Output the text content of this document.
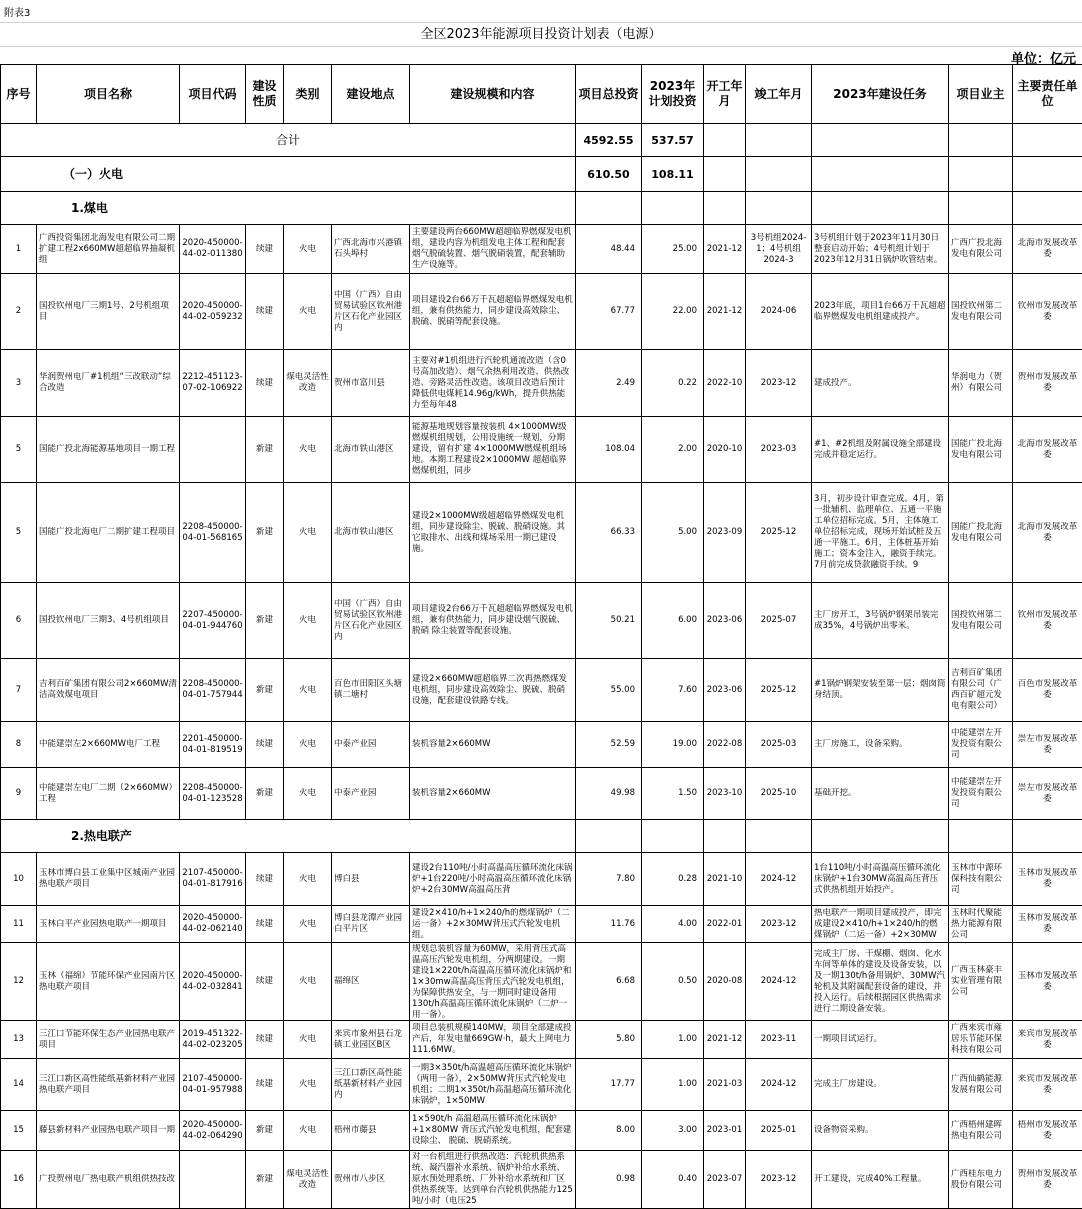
附表3
全区2023年能源项目投资计划表（电源）
单位：亿元
序号	项目名称	项目代码	建设性质	类别	建设地点	建设规模和内容	项目总投资	2023年计划投资	开工年月	竣工年月	2023年建设任务	项目业主	主要责任单位
合计							4592.55	537.57					
（一）火电							610.50	108.11					
1.煤电													

1	广西投资集团北海发电有限公司二期扩建工程2x660MW超超临界抽凝机组	2020-450000-44-02-011380	续建	火电	广西北海市兴港镇石头埠村	主要建设两台660MW超超临界燃煤发电机组，建设内容为机组发电主体工程和配套烟气脱硫装置、烟气脱硝装置，配套辅助生产设施等。	48.44	25.00	2021-12	3号机组2024-1；4号机组2024-3	3号机组计划于2023年11月30日整套启动开始；4号机组计划于2023年12月31日锅炉吹管结束。	广西广投北海发电有限公司	北海市发展改革委

2	国投钦州电厂三期1号、2号机组项目	2020-450000-44-02-059232	续建	火电	中国（广西）自由贸易试验区钦州港片区石化产业园区内	项目建设2台66万千瓦超超临界燃煤发电机组，兼有供热能力，同步建设高效除尘、脱硫、脱硝等配套设施。	67.77	22.00	2021-12	2024-06	2023年底，项目1台66万千瓦超超临界燃煤发电机组建成投产。	国投钦州第二发电有限公司	钦州市发展改革委

3	华润贺州电厂#1机组“三改联动”综合改造	2212-451123-07-02-106922	续建	煤电灵活性改造	贺州市富川县	主要对#1机组进行汽轮机通流改造（含0号高加改造）、烟气余热利用改造、供热改造、旁路灵活性改造。该项目改造后预计降低供电煤耗14.96g/kWh，提升供热能力至每年48	2.49	0.22	2022-10	2023-12	建成投产。	华润电力（贺州）有限公司	贺州市发展改革委

5	国能广投北海能源基地项目一期工程		新建	火电	北海市铁山港区	能源基地规划容量按装机 4×1000MW级燃煤机组规划，公用设施统一规划，分期建设，留有扩建 4×1000MW燃煤机组场地。本期工程建设2×1000MW 超超临界燃煤机组，同步	108.04	2.00	2020-10	2023-03	#1、#2机组及附属设施全部建设完成并稳定运行。	国能广投北海发电有限公司	北海市发展改革委

5	国能广投北海电厂二期扩建工程项目	2208-450000-04-01-568165	新建	火电	北海市铁山港区	建设2×1000MW级超超临界燃煤发电机组，同步建设除尘、脱硫、脱硝设施。其它取排水、出线和煤场采用一期已建设施。	66.33	5.00	2023-09	2025-12	3月，初步设计审查完成。4月，第一批辅机、监理单位、五通一平施工单位招标完成。5月，主体施工单位招标完成，现场开始试桩及五通一平施工。6月，主体桩基开始施工；资本金注入，融资手续完。7月前完成贷款融资手续。9	国能广投北海发电有限公司	北海市发展改革委

6	国投钦州电厂三期3、4号机组项目	2207-450000-04-01-944760	新建	火电	中国（广西）自由贸易试验区钦州港片区石化产业园区内	项目建设2台66万千瓦超超临界燃煤发电机组，兼有供热能力，同步建设烟气脱硫、脱硝 除尘装置等配套设施。	50.21	6.00	2023-06	2025-07	主厂房开工，3号锅炉钢架吊装完成35%，4号锅炉出零米。	国投钦州第二发电有限公司	钦州市发展改革委

7	吉利百矿集团有限公司2×660MW清洁高效煤电项目	2208-450000-04-01-757944	新建	火电	百色市田阳区头塘镇二塘村	建设2×660MW超超临界二次再热燃煤发电机组，同步建设高效除尘、脱硫、脱硝设施，配套建设铁路专线。	55.00	7.60	2023-06	2025-12	#1锅炉钢架安装至第一层；烟囱筒身结顶。	吉利百矿集团有限公司（广西百矿超元发电有限公司）	百色市发展改革委

8	中能建崇左2×660MW电厂工程	2201-450000-04-01-819519	续建	火电	中泰产业园	装机容量2×660MW	52.59	19.00	2022-08	2025-03	主厂房施工，设备采购。	中能建崇左开发投资有限公司	崇左市发展改革委

9	中能建崇左电厂二期（2×660MW）工程	2208-450000-04-01-123528	新建	火电	中泰产业园	装机容量2×660MW	49.98	1.50	2023-10	2025-10	基础开挖。	中能建崇左开发投资有限公司	崇左市发展改革委

2.热电联产													

10	玉林市博白县工业集中区城南产业园热电联产项目	2107-450000-04-01-817916	续建	火电	博白县	建设2台110吨/小时高温高压循环流化床锅炉+1台220吨/小时高温高压循环流化床锅炉+2台30MW高温高压背	7.80	0.28	2021-10	2024-12	1台110吨/小时高温高压循环流化床锅炉+1台30MW高温高压背压式供热机组开始投产。	玉林市中源环保科技有限公司	玉林市发展改革委

11	玉林白平产业园热电联产一期项目	2020-450000-44-02-062140	续建	火电	博白县龙潭产业园白平片区	建设2×410/h+1×240/h的燃煤锅炉（二运一备）+2×30MW背压式汽轮发电机组。	11.76	4.00	2022-01	2023-12	热电联产一期项目建成投产，即完成建设2×410/h+1×240/h的燃煤锅炉（二运一备）+2×30MW	玉林时代聚能热力能源有限公司	玉林市发展改革委

12	玉林（福绵）节能环保产业园南片区热电联产项目	2020-450000-44-02-032841	续建	火电	福绵区	规划总装机容量为60MW，采用背压式高温高压汽轮发电机组，分两期建设。一期建设1×220t/h高温高压循环流化床锅炉和1×30mw高温高压背压式汽轮发电机组，为保障供热安全，与一期同时建设备用130t/h高温高压循环流化床锅炉（二炉一用一备）。	6.68	0.50	2020-08	2024-12	完成主厂房、干煤棚、烟囱、化水车间等单体的建设及设备安装，以及一期130t/h备用锅炉、30MW汽轮机及其附属配套设备的建设，并投入运行。后续根据园区供热需求进行二期设备安装。	广西玉林豪丰实业管理有限公司	玉林市发展改革委

13	三江口节能环保生态产业园热电联产项目	2019-451322-44-02-023205	续建	火电	来宾市象州县石龙镇工业园区B区	项目总装机规模140MW，项目全部建成投产后，年发电量669GW·h，最大上网电力111.6MW。	5.80	1.00	2021-12	2023-11	一期项目试运行。	广西来宾市雍居乐节能环保科技有限公司	来宾市发展改革委

14	三江口新区高性能纸基新材料产业园热电联产项目	2107-450000-04-01-957988	续建	火电	三江口新区高性能纸基新材料产业园内	一期3×350t/h高温超高压循环流化床锅炉（两用一备），2×50MW背压式汽轮发电机组；二期1×350t/h高温超高压循环流化床锅炉，1×50MW	17.77	1.00	2021-03	2024-12	完成主厂房建设。	广西仙鹤能源发展有限公司	来宾市发展改革委

15	藤县新材料产业园热电联产项目一期	2020-450000-44-02-064290	新建	火电	梧州市藤县	1×590t/h 高温超高压循环流化床锅炉+1×80MW 背压式汽轮发电机组，配套建设除尘、 脱硫、脱硝系统。	8.00	3.00	2023-01	2025-01	设备物资采购。	广西梧州建晖热电有限公司	梧州市发展改革委

16	广投贺州电厂热电联产机组供热技改		新建	煤电灵活性改造	贺州市八步区	对一台机组进行供热改造：汽轮机供热系统、凝汽器补水系统、锅炉补给水系统、原水预处理系统、厂外补给水系统和厂区供热系统等。达到单台汽轮机供热能力125 吨/小时（电压25	0.98	0.40	2023-07	2023-12	开工建设，完成40%工程量。	广西桂东电力股份有限公司	贺州市发展改革委
